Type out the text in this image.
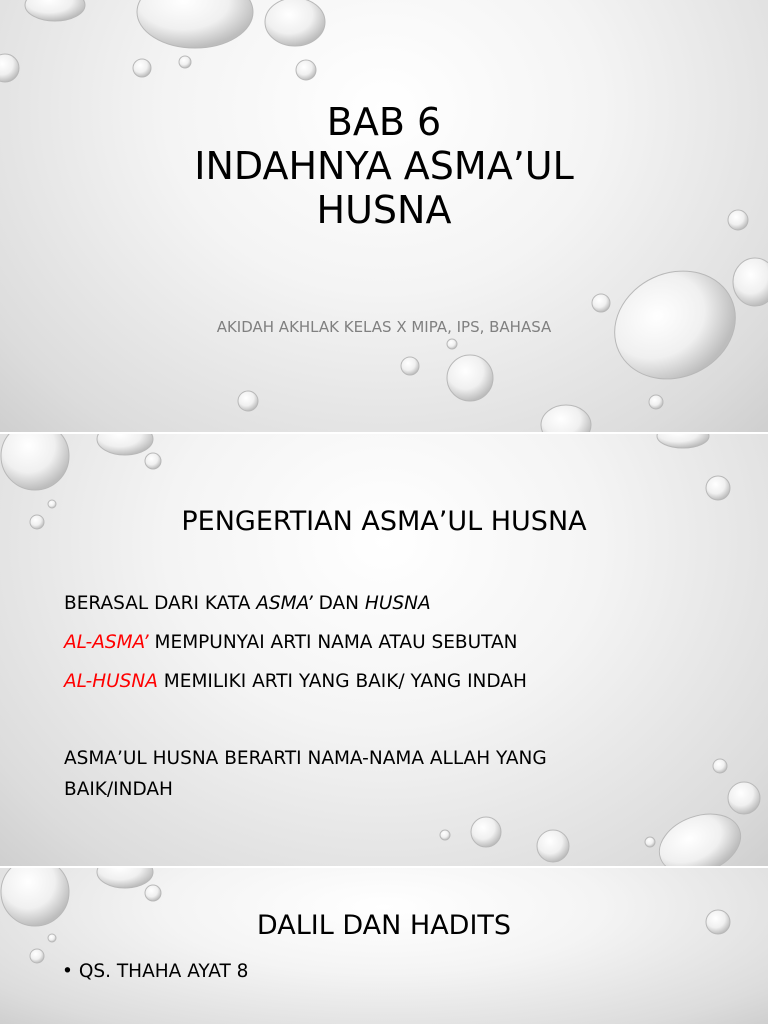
BAB 6
INDAHNYA ASMA’UL
HUSNA
AKIDAH AKHLAK KELAS X MIPA, IPS, BAHASA
PENGERTIAN ASMA’UL HUSNA
BERASAL DARI KATA ASMA’ DAN HUSNA
AL-ASMA’ MEMPUNYAI ARTI NAMA ATAU SEBUTAN
AL-HUSNA MEMILIKI ARTI YANG BAIK/ YANG INDAH
ASMA’UL HUSNA BERARTI NAMA-NAMA ALLAH YANG
BAIK/INDAH
DALIL DAN HADITS
• QS. THAHA AYAT 8
